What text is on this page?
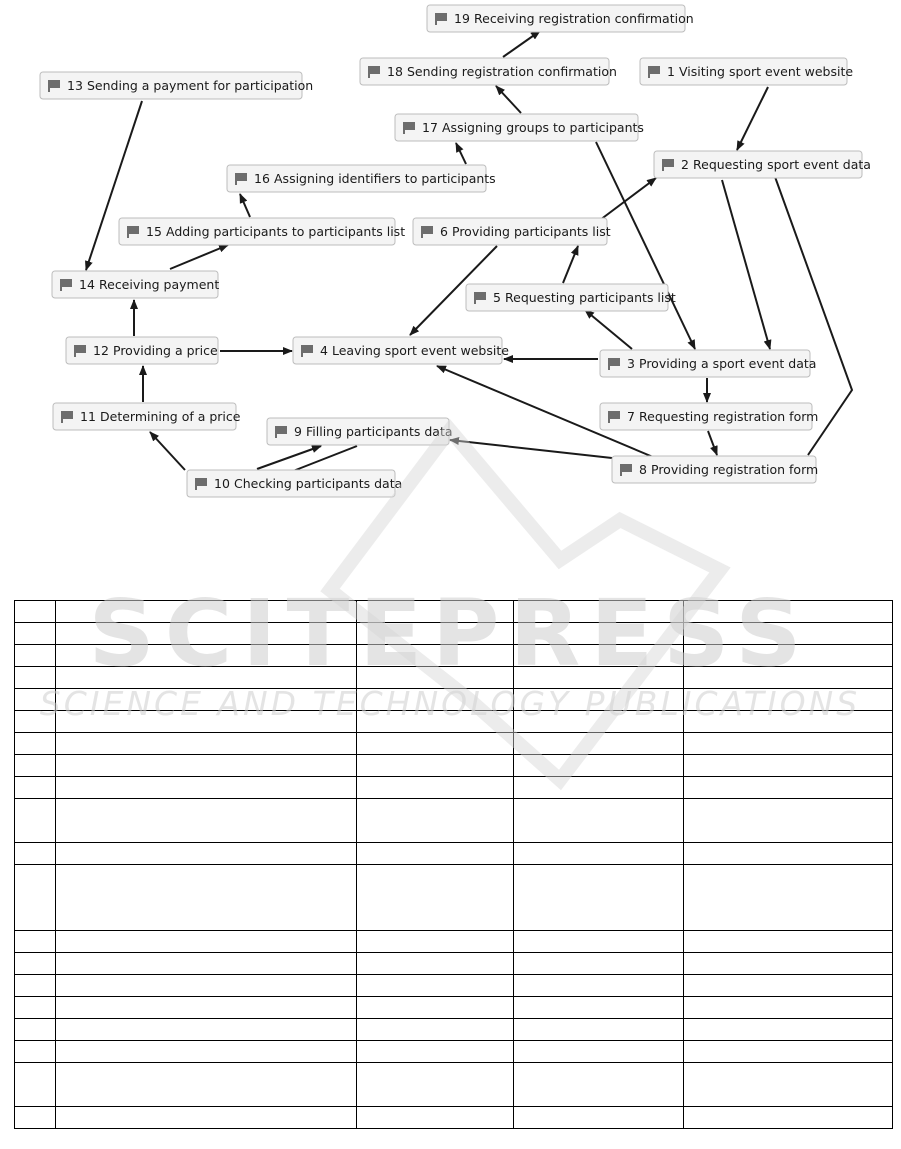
19 Receiving registration confirmation
18 Sending registration confirmation	1 Visiting sport event website
13 Sending a payment for participation
17 Assigning groups to participants
2 Requesting sport event data
16 Assigning identifiers to participants
15 Adding participants to participants list	6 Providing participants list
14 Receiving payment
5 Requesting participants list
12 Providing a price	4 Leaving sport event website
3 Providing a sport event data
7 Requesting registration form
11 Determining of a price
9 Filling participants data
8 Providing registration form
10 Checking participants data

SCITEPRESS
SCIENCE AND TECHNOLOGY PUBLICATIONS
